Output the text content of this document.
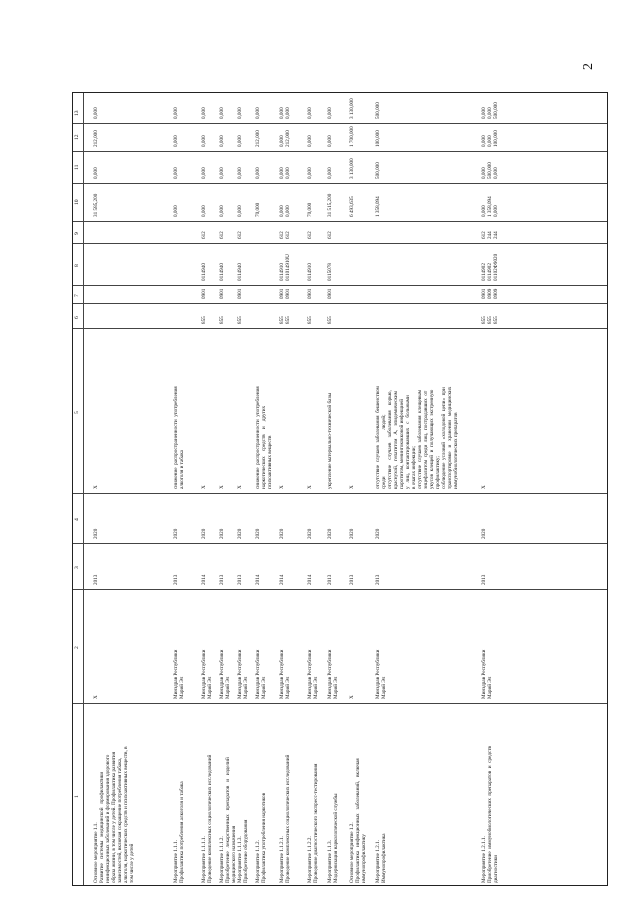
2
1
2
3
4
5
6
7
8
9
10
11
12
13
Основное мероприятие 1.1.
Развитие   системы   медицинской   профилактики
неинфекционных заболеваний и формирования здорового
образа жизни, в том числе у детей. Профилактика развития
зависимостей, включая сокращение потребления табака,
алкоголя, наркотических средств и психоактивных веществ, в
том числе у детей
X
2013
2020
X
31 585,200
0,000
212,000
0,000
Мероприятие 1.1.1.
Профилактика потребления алкоголя и табака
Минздрав Республики
Марий Эл
2013
2020
снижение  распространенности  употребления
алкоголя и табака
0,000
0,000
0,000
0,000
Мероприятие 1.1.1.1.
Проведение комплексных социологических исследований
Минздрав Республики
Марий Эл
2014
2020
X
855
0901
0114940
612
0,000
0,000
0,000
0,000
Мероприятие 1.1.1.2.
Приобретение   лекарственных   препаратов   и   изделий
медицинского назначения
Минздрав Республики
Марий Эл
2013
2020
X
855
0901
0114940
612
0,000
0,000
0,000
0,000
Мероприятие 1.1.1.3.
Приобретение оборудования
Минздрав Республики
Марий Эл
2013
2020
X
855
0901
0114940
612
0,000
0,000
0,000
0,000
Мероприятие 1.1.2.
Профилактика употребления наркотиков
Минздрав Республики
Марий Эл
2014
2020
снижение  распространенности  употребления
наркотических    средств    и    других
психоактивных веществ
70,000
0,000
212,000
0,000
Мероприятие 1.1.2.1.
Проведение комплексных социологических исследований
Минздрав Республики
Марий Эл
2014
2020
X
855
855
0901
0901
0114910
011014910U
612
612
0,000
0,000
0,000
0,000
0,000
212,000
0,000
0,000
Мероприятие 1.1.2.2.
Проведение диагностического экспресс-тестирования
Минздрав Республики
Марий Эл
2014
2020
X
855
0901
0114910
612
70,000
0,000
0,000
0,000
Мероприятие 1.1.3.
Модернизация наркологической службы
Минздрав Республики
Марий Эл
2013
2020
укрепление материально-технической базы
855
0901
0115078
612
31 515,200
0,000
0,000
0,000
Основное мероприятие 1.2.
Профилактика   инфекционных   заболеваний,   включая
иммунопрофилактику
X
2013
2020
X
6 493,635
3 130,000
1 700,000
3 130,000
Мероприятие 1.2.1.
Иммунопрофилактика
Минздрав Республики
Марий Эл
2013
2020
отсутствие  случаев  заболевания  бешенством
среди                                    людей;
отсутствие    случаев    заболевания    корью,
краснухой,   гепатитом   А,   эпидемическим
паротитом, менингококковой инфекцией
у   лиц,   контактировавших   с   больными
в очагах инфекции;
отсутствие  случаев  заболевания  клещевым
энцефалитом  среди  лиц,  пострадавших  от
укусов  клещей  и  получающих  экстренную
профилактику;
соблюдение  условий  «холодовой  цепи»  при
транспортировке   и   хранении   медицинских
иммунобиологических препаратов
1 358,094
500,000
100,000
500,000
Мероприятие 1.2.1.1.
Приобретение  иммунобиологических  препаратов  и  средств
диагностики
Минздрав Республики
Марий Эл
2013
2020
X
855
855
855
0901
0909
0909
0114902
0114902
01102Ф9020
612
244
244
0,000
1 358,094
0,000
0,000
500,000
0,000
0,000
0,000
100,000
0,000
0,000
500,000
